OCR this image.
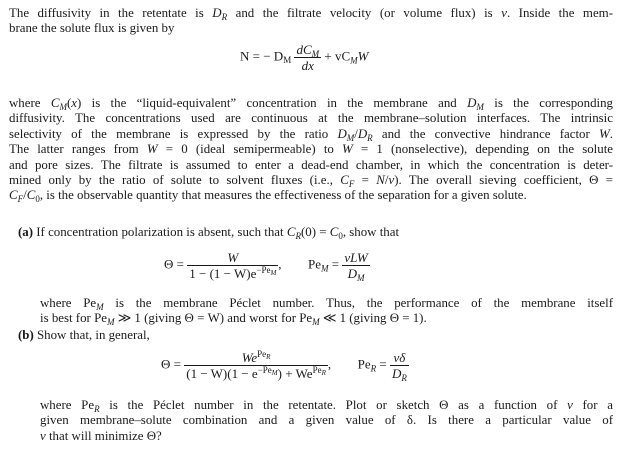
The diffusivity in the retentate is $D_R$ and the filtrate velocity (or volume flux) is v. Inside the mem-
brane the solute flux is given by
N = − $D_M \frac{dC_M}{dx} + vC_MW$
where $C_M(x)$ is the “liquid-equivalent” concentration in the membrane and $D_M$ is the corresponding
diffusivity. The concentrations used are continuous at the membrane–solution interfaces. The intrinsic
selectivity of the membrane is expressed by the ratio $D_M/D_R$ and the convective hindrance factor W.
The latter ranges from W = 0 (ideal semipermeable) to W = 1 (nonselective), depending on the solute
and pore sizes. The filtrate is assumed to enter a dead-end chamber, in which the concentration is deter-
mined only by the ratio of solute to solvent fluxes (i.e., $C_F = N/v$). The overall sieving coefficient, Θ =
$C_F/C_0$, is the observable quantity that measures the effectiveness of the separation for a given solute.
(a) If concentration polarization is absent, such that $C_R(0) = C_0$, show that
$\Theta = \frac{W}{1 - (1 - W)e^{-Pe_M}}$ , $Pe_M = \frac{\text{vLW}}{D_M}$
where $Pe_M$ is the membrane Péclet number. Thus, the performance of the membrane itself
is best for $Pe_M$ ≫ 1 (giving Θ = W) and worst for $Pe_M$ ≪ 1 (giving Θ = 1).
(b) Show that, in general,
$\Theta = \frac{We^{Pe_R}}{(1 - W)(1 - e^{-Pe_M}) + We^{Pe_R}}$ , $Pe_R = \frac{v\delta}{D_R}$
where $Pe_R$ is the Péclet number in the retentate. Plot or sketch Θ as a function of v for a
given membrane–solute combination and a given value of δ. Is there a particular value of
v that will minimize Θ?
